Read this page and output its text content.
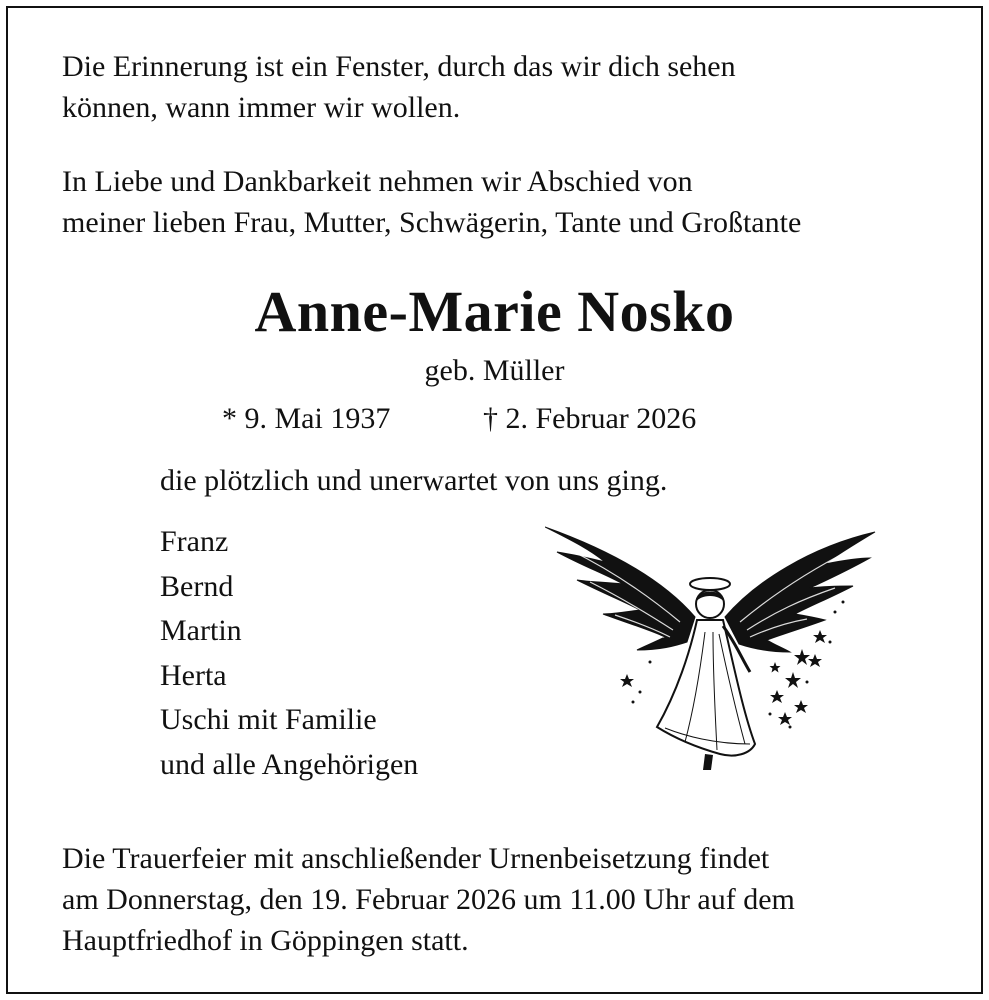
Die Erinnerung ist ein Fenster, durch das wir dich sehen
können, wann immer wir wollen.

In Liebe und Dankbarkeit nehmen wir Abschied von
meiner lieben Frau, Mutter, Schwägerin, Tante und Großtante

Anne-Marie Nosko

geb. Müller

* 9. Mai 1937	† 2. Februar 2026

die plötzlich und unerwartet von uns ging.

Franz
Bernd
Martin
Herta
Uschi mit Familie
und alle Angehörigen

Die Trauerfeier mit anschließender Urnenbeisetzung findet
am Donnerstag, den 19. Februar 2026 um 11.00 Uhr auf dem
Hauptfriedhof in Göppingen statt.
